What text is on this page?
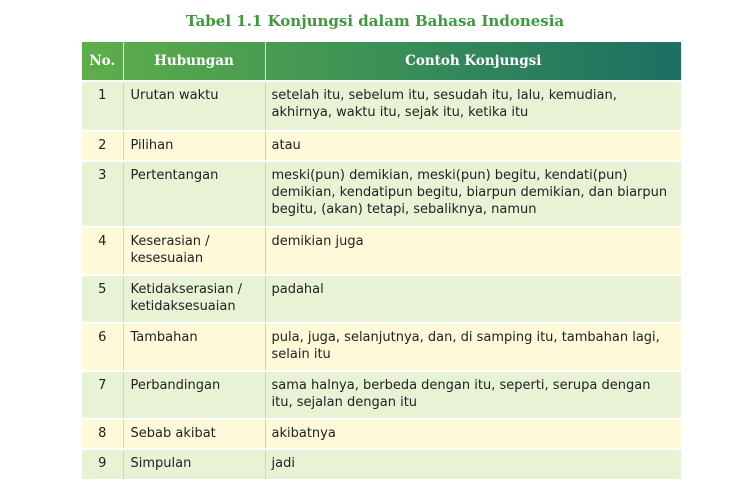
Tabel 1.1 Konjungsi dalam Bahasa Indonesia
No.	Hubungan	Contoh Konjungsi
1	Urutan waktu	setelah itu, sebelum itu, sesudah itu, lalu, kemudian, akhirnya, waktu itu, sejak itu, ketika itu
2	Pilihan	atau
3	Pertentangan	meski(pun) demikian, meski(pun) begitu, kendati(pun) demikian, kendatipun begitu, biarpun demikian, dan biarpun begitu, (akan) tetapi, sebaliknya, namun
4	Keserasian / kesesuaian	demikian juga
5	Ketidakserasian / ketidaksesuaian	padahal
6	Tambahan	pula, juga, selanjutnya, dan, di samping itu, tambahan lagi, selain itu
7	Perbandingan	sama halnya, berbeda dengan itu, seperti, serupa dengan itu, sejalan dengan itu
8	Sebab akibat	akibatnya
9	Simpulan	jadi
